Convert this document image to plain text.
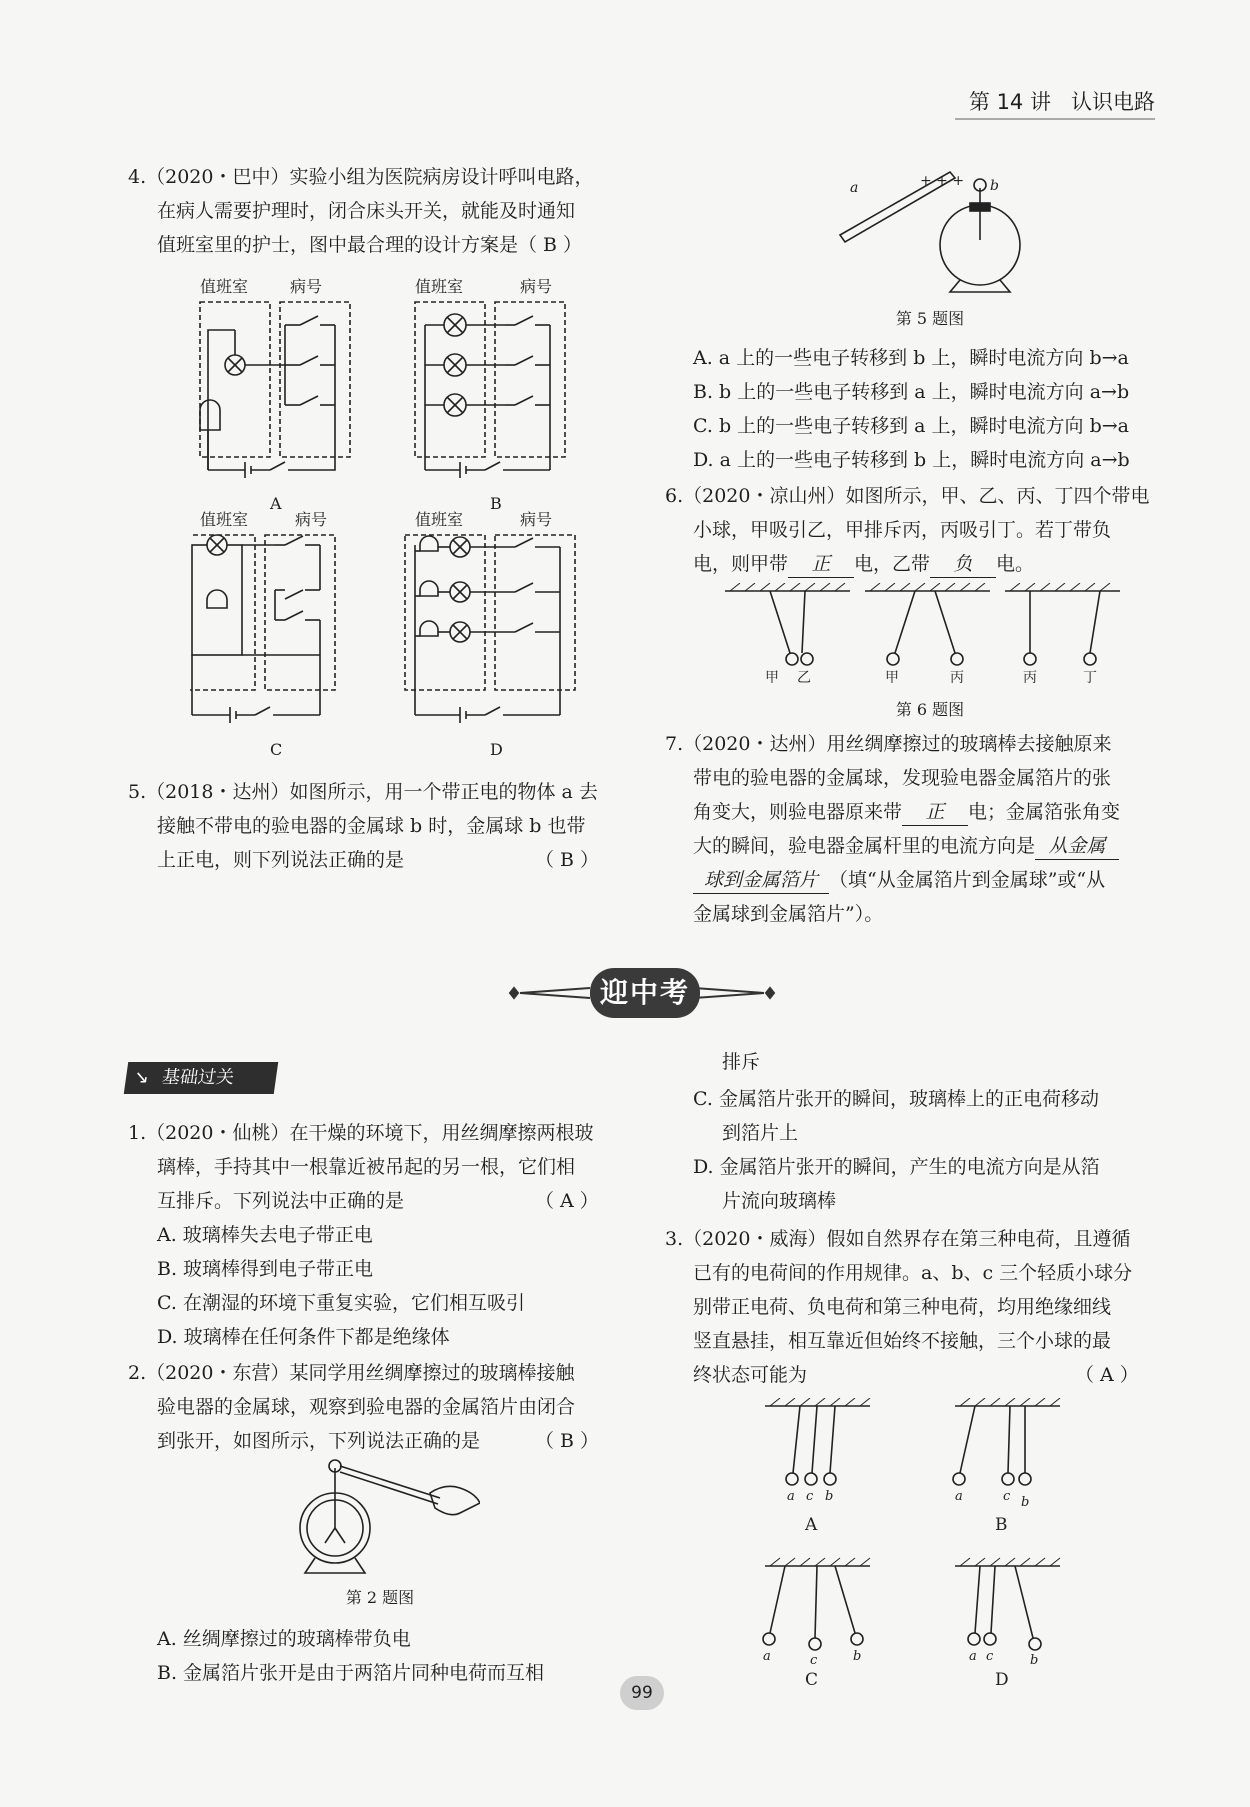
第 14 讲 认识电路
4.（2020・巴中）实验小组为医院病房设计呼叫电路，
在病人需要护理时，闭合床头开关，就能及时通知
值班室里的护士，图中最合理的设计方案是（ B ）
值班室	病号	值班室	病号
值班室	病号	值班室	病号
A	B
C	D
5.（2018・达州）如图所示，用一个带正电的物体 a 去
接触不带电的验电器的金属球 b 时，金属球 b 也带
上正电，则下列说法正确的是	（ B ）
a	b
+ + +
第 5 题图
A. a 上的一些电子转移到 b 上，瞬时电流方向 b→a
B. b 上的一些电子转移到 a 上，瞬时电流方向 a→b
C. b 上的一些电子转移到 a 上，瞬时电流方向 b→a
D. a 上的一些电子转移到 b 上，瞬时电流方向 a→b
6.（2020・凉山州）如图所示，甲、乙、丙、丁四个带电
小球，甲吸引乙，甲排斥丙，丙吸引丁。若丁带负
电，则甲带 正 电，乙带 负 电。
甲 乙	甲	丙	丙	丁
第 6 题图
7.（2020・达州）用丝绸摩擦过的玻璃棒去接触原来
带电的验电器的金属球，发现验电器金属箔片的张
角变大，则验电器原来带 正 电；金属箔张角变
大的瞬间，验电器金属杆里的电流方向是 从金属
球到金属箔片 （填“从金属箔片到金属球”或“从
金属球到金属箔片”）。
迎中考
↘ 基础过关
1.（2020・仙桃）在干燥的环境下，用丝绸摩擦两根玻
璃棒，手持其中一根靠近被吊起的另一根，它们相
互排斥。下列说法中正确的是	（ A ）
A. 玻璃棒失去电子带正电
B. 玻璃棒得到电子带正电
C. 在潮湿的环境下重复实验，它们相互吸引
D. 玻璃棒在任何条件下都是绝缘体
2.（2020・东营）某同学用丝绸摩擦过的玻璃棒接触
验电器的金属球，观察到验电器的金属箔片由闭合
到张开，如图所示，下列说法正确的是	（ B ）
第 2 题图
A. 丝绸摩擦过的玻璃棒带负电
B. 金属箔片张开是由于两箔片同种电荷而互相
排斥
C. 金属箔片张开的瞬间，玻璃棒上的正电荷移动
到箔片上
D. 金属箔片张开的瞬间，产生的电流方向是从箔
片流向玻璃棒
3.（2020・威海）假如自然界存在第三种电荷，且遵循
已有的电荷间的作用规律。a、b、c 三个轻质小球分
别带正电荷、负电荷和第三种电荷，均用绝缘细线
竖直悬挂，相互靠近但始终不接触，三个小球的最
终状态可能为	（ A ）
a c b	a	c b
a	c	b	a c	b
A	B
C	D
99
